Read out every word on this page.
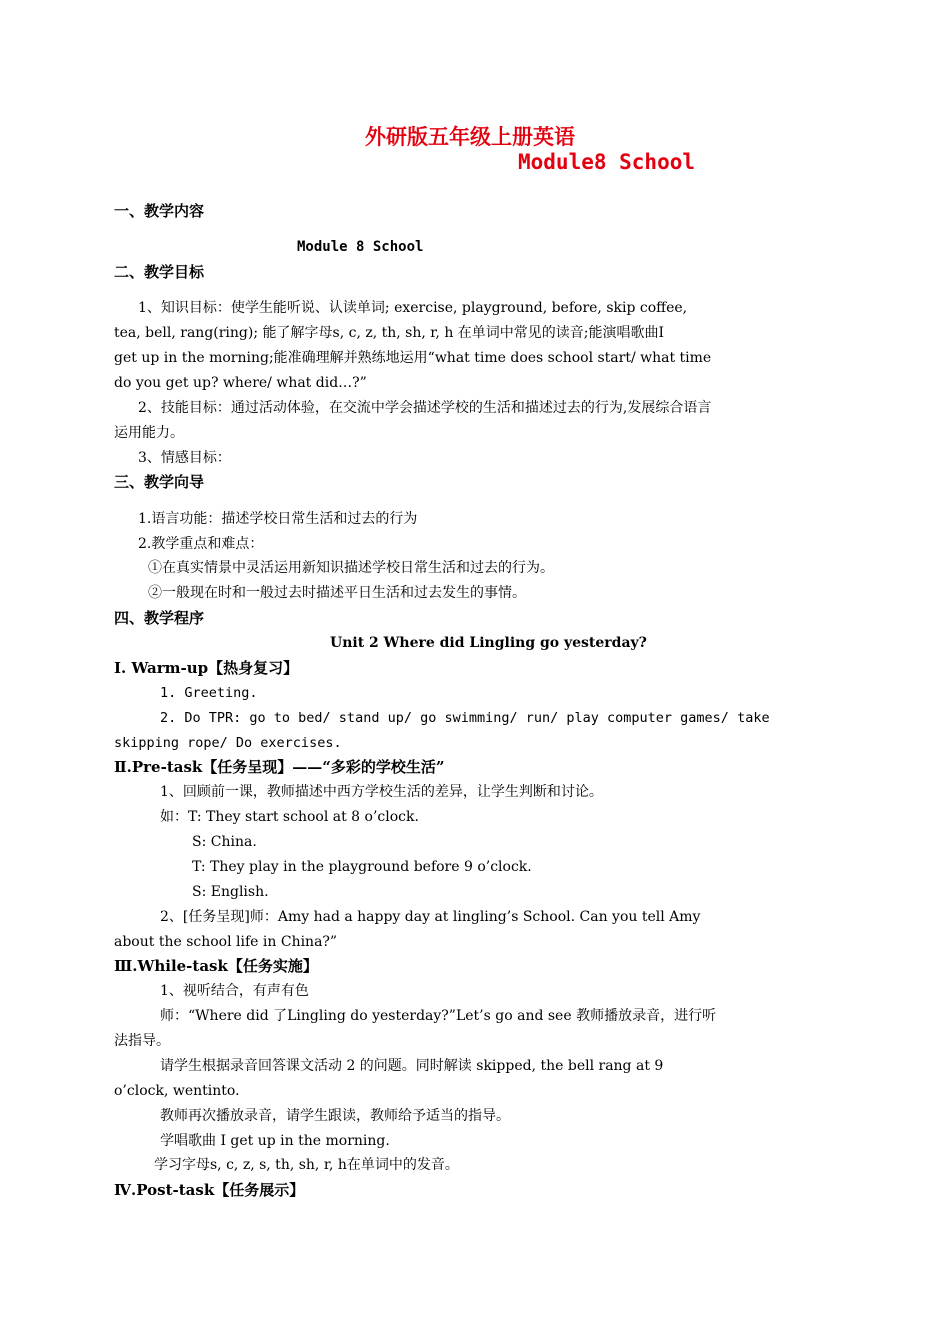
外研版五年级上册英语
Module8 School
一、教学内容
Module 8 School
二、教学目标
1、知识目标：使学生能听说、认读单词; exercise, playground, before, skip coffee,
tea, bell, rang(ring); 能了解字母s, c, z, th, sh, r, h 在单词中常见的读音;能演唱歌曲I
get up in the morning;能准确理解并熟练地运用“what time does school start/ what time
do you get up? where/ what did…?”
2、技能目标：通过活动体验，在交流中学会描述学校的生活和描述过去的行为,发展综合语言
运用能力。
3、情感目标：
三、教学向导
1.语言功能：描述学校日常生活和过去的行为
2.教学重点和难点：
①在真实情景中灵活运用新知识描述学校日常生活和过去的行为。
②一般现在时和一般过去时描述平日生活和过去发生的事情。
四、教学程序
Unit 2 Where did Lingling go yesterday?
Ⅰ. Warm-up【热身复习】
1. Greeting.
2. Do TPR: go to bed/ stand up/ go swimming/ run/ play computer games/ take
skipping rope/ Do exercises.
Ⅱ.Pre-task【任务呈现】——“多彩的学校生活”
1、回顾前一课，教师描述中西方学校生活的差异，让学生判断和讨论。
如：T: They start school at 8 o’clock.
S: China.
T: They play in the playground before 9 o’clock.
S: English.
2、[任务呈现]师：Amy had a happy day at lingling’s School. Can you tell Amy
about the school life in China?”
Ⅲ.While-task【任务实施】
1、视听结合，有声有色
师：“Where did 了Lingling do yesterday?”Let’s go and see 教师播放录音，进行听
法指导。
请学生根据录音回答课文活动 2 的问题。同时解读 skipped, the bell rang at 9
o’clock, wentinto.
教师再次播放录音，请学生跟读，教师给予适当的指导。
学唱歌曲 I get up in the morning.
学习字母s, c, z, s, th, sh, r, h在单词中的发音。
Ⅳ.Post-task【任务展示】
